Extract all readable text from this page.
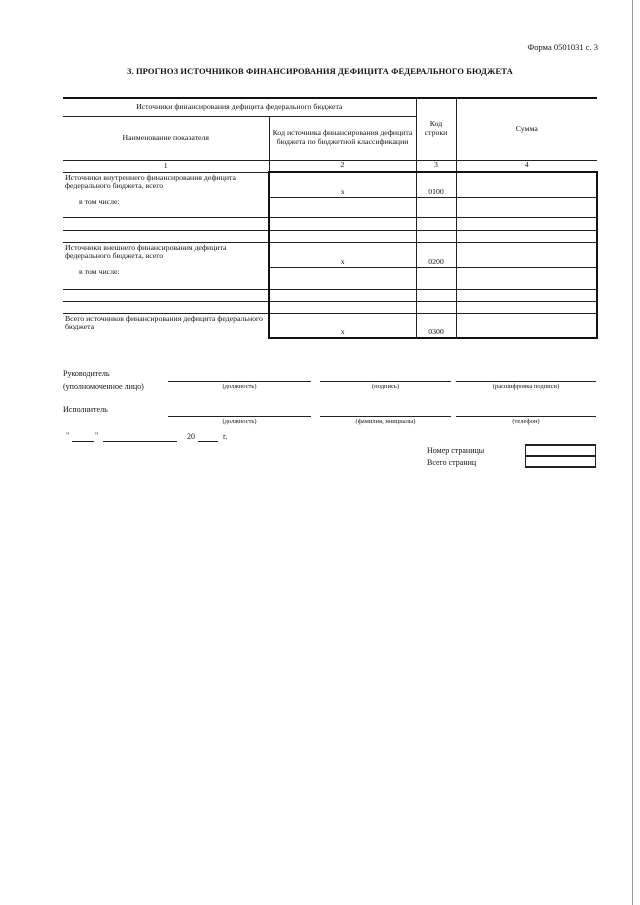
Форма 0501031 с. 3
3. ПРОГНОЗ ИСТОЧНИКОВ ФИНАНСИРОВАНИЯ ДЕФИЦИТА ФЕДЕРАЛЬНОГО БЮДЖЕТА
Источники финансирования дефицита федерального бюджета		Код строки	Сумма
Наименование показателя	Код источника финансирования дефицита бюджета по бюджетной классификации		
1	2	3	4
Источники внутреннего финансирования дефицита федерального бюджета, всего	x	0100	
в том числе:			

Источники внешнего финансирования дефицита федерального бюджета, всего	x	0200	
в том числе:			

Всего источников финансирования дефицита федерального бюджета	x	0300	
Руководитель
(уполномоченное лицо)	(должность)	(подпись)	(расшифровка подписи)
Исполнитель
(должность)	(фамилия, инициалы)	(телефон)
"	"	20	г.
Номер страницы
Всего страниц
